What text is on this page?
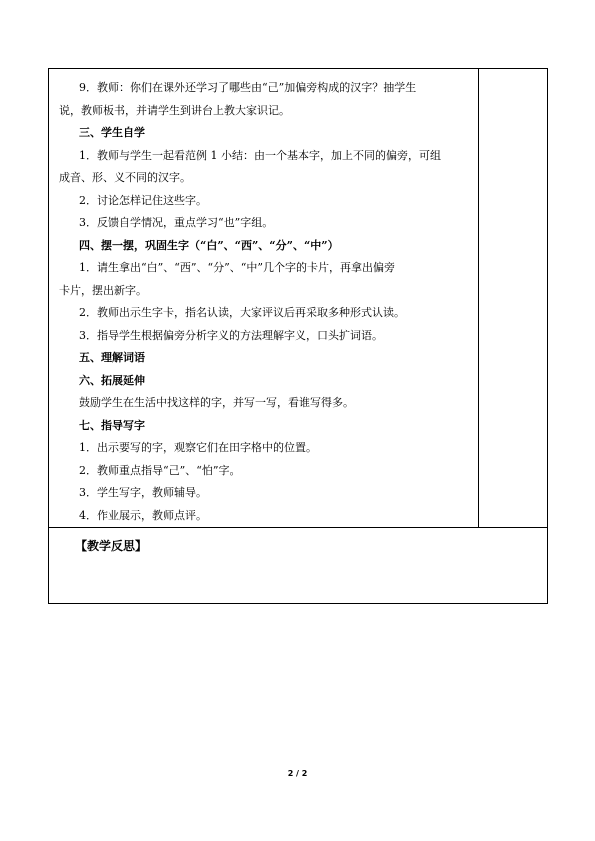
9．教师：你们在课外还学习了哪些由“己”加偏旁构成的汉字？抽学生
说，教师板书，并请学生到讲台上教大家识记。
三、学生自学
1．教师与学生一起看范例 1 小结：由一个基本字，加上不同的偏旁，可组
成音、形、义不同的汉字。
2．讨论怎样记住这些字。
3．反馈自学情况，重点学习“也”字组。
四、摆一摆，巩固生字（“白”、“西”、“分”、“中”）
1．请生拿出“白”、“西”、“分”、“中”几个字的卡片，再拿出偏旁
卡片，摆出新字。
2．教师出示生字卡，指名认读，大家评议后再采取多种形式认读。
3．指导学生根据偏旁分析字义的方法理解字义，口头扩词语。
五、理解词语
六、拓展延伸
鼓励学生在生活中找这样的字，并写一写，看谁写得多。
七、指导写字
1．出示要写的字，观察它们在田字格中的位置。
2．教师重点指导“己”、“怕”字。
3．学生写字，教师辅导。
4．作业展示，教师点评。

【教学反思】
2 / 2
